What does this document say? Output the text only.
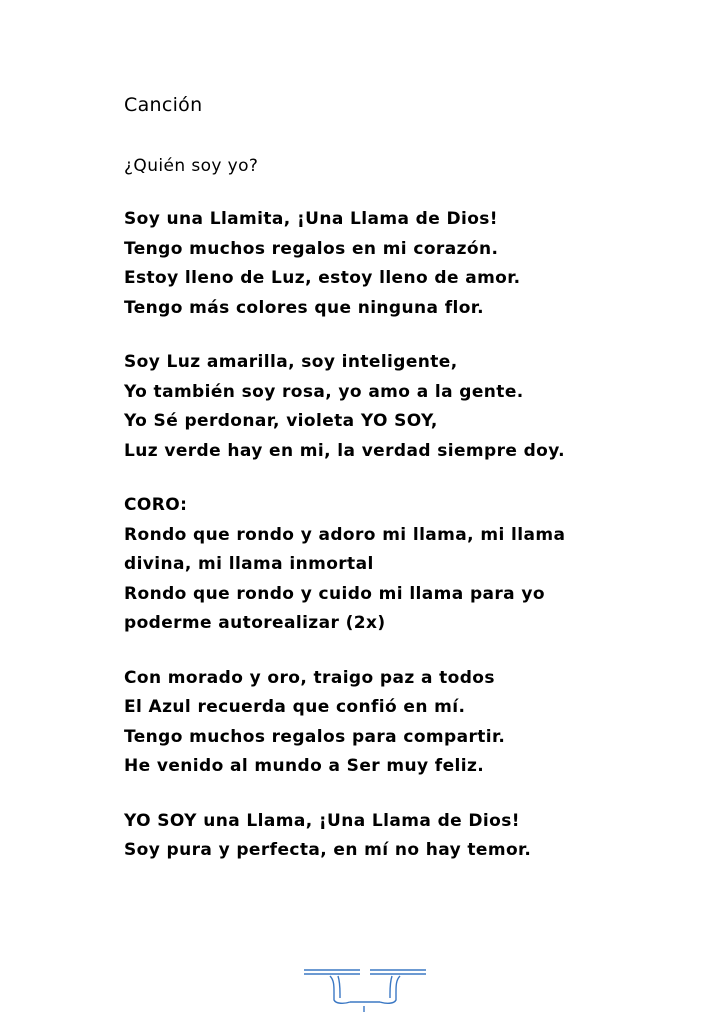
Canción
¿Quién soy yo?
Soy una Llamita, ¡Una Llama de Dios!
Tengo muchos regalos en mi corazón.
Estoy lleno de Luz, estoy lleno de amor.
Tengo más colores que ninguna flor.
Soy Luz amarilla, soy inteligente,
Yo también soy rosa, yo amo a la gente.
Yo Sé perdonar, violeta YO SOY,
Luz verde hay en mi, la verdad siempre doy.
CORO:
Rondo que rondo y adoro mi llama, mi llama
divina, mi llama inmortal
Rondo que rondo y cuido mi llama para yo
poderme autorealizar (2x)
Con morado y oro, traigo paz a todos
El Azul recuerda que confió en mí.
Tengo muchos regalos para compartir.
He venido al mundo a Ser muy feliz.
YO SOY una Llama, ¡Una Llama de Dios!
Soy pura y perfecta, en mí no hay temor.
